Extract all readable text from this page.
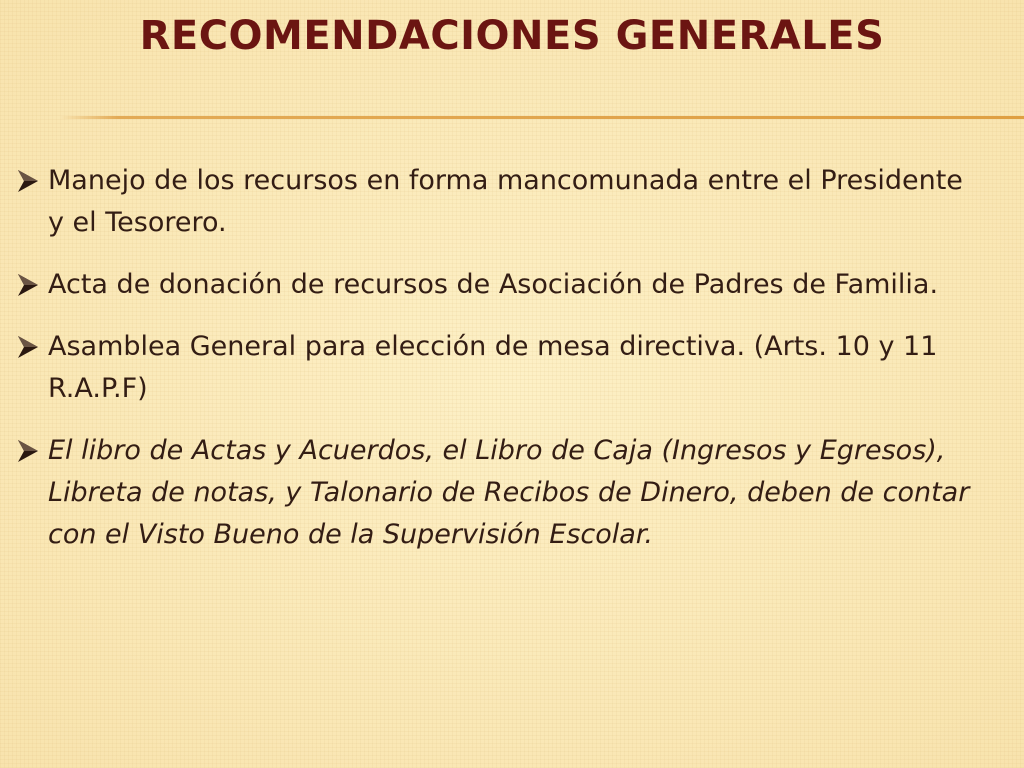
RECOMENDACIONES GENERALES
Manejo de los recursos en forma mancomunada entre el Presidente y el Tesorero.
Acta de donación de recursos de Asociación de Padres de Familia.
Asamblea General para elección de mesa directiva. (Arts. 10 y 11 R.A.P.F)
El libro de Actas y Acuerdos, el Libro de Caja (Ingresos y Egresos), Libreta de notas, y Talonario de Recibos de Dinero, deben de contar con el Visto Bueno de la Supervisión Escolar.
